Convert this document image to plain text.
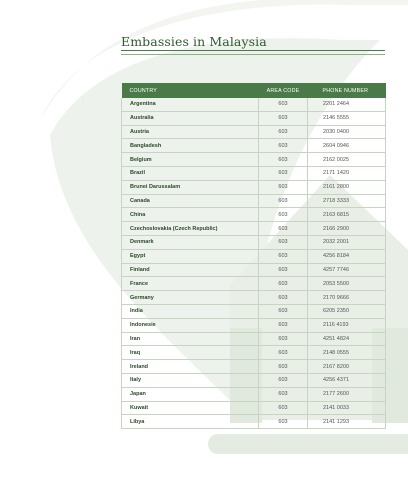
Embassies in Malaysia
COUNTRY	AREA CODE	PHONE NUMBER
Argentina	603	2201 2464
Australia	603	2146 5555
Austria	603	2030 0400
Bangladesh	603	2604 0946
Belgium	603	2162 0025
Brazil	603	2171 1420
Brunei Darussalam	603	2161 2800
Canada	603	2718 3333
China	603	2163 6815
Czechoslovakia (Czech Republic)	603	2166 2900
Denmark	603	2032 2001
Egypt	603	4256 8184
Finland	603	4257 7746
France	603	2053 5500
Germany	603	2170 9666
India	603	6205 2350
Indonesie	603	2116 4193
Iran	603	4251 4824
Iraq	603	2148 0555
Ireland	603	2167 8200
Italy	603	4256 4371
Japan	603	2177 2600
Kuwait	603	2141 0033
Libya	603	2141 1293
